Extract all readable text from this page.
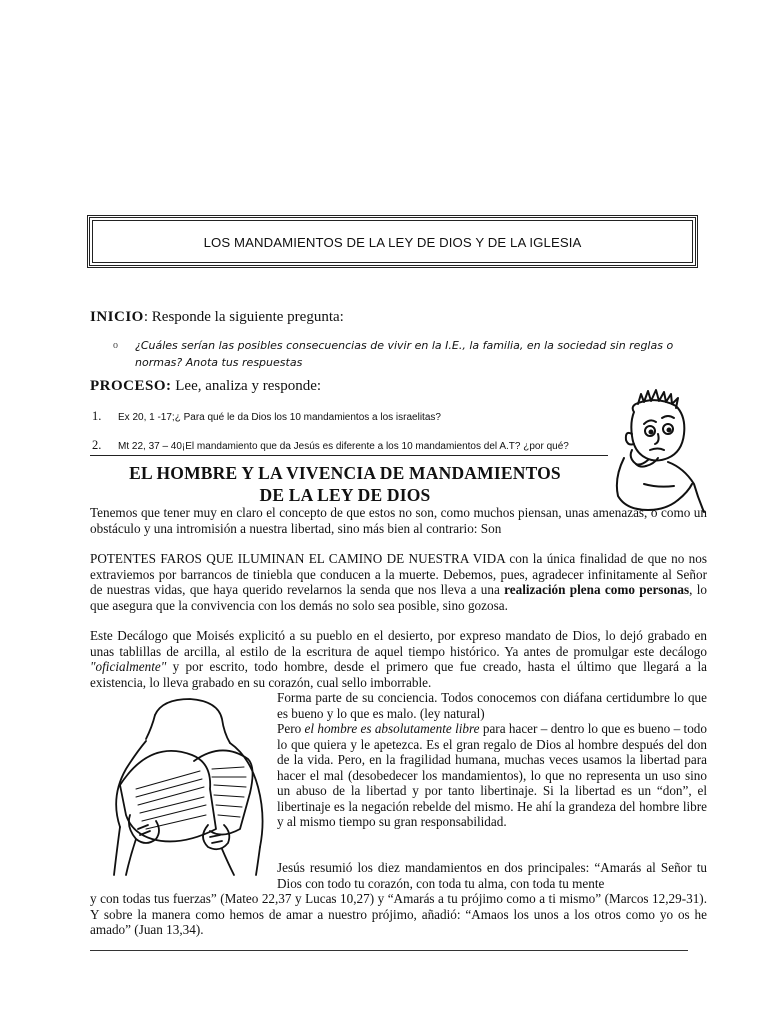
LOS MANDAMIENTOS DE LA LEY DE DIOS Y DE LA IGLESIA
INICIO: Responde la siguiente pregunta:
o ¿Cuáles serían las posibles consecuencias de vivir en la I.E., la familia, en la sociedad sin reglas o normas? Anota tus respuestas
PROCESO: Lee, analiza y responde:
1. Ex 20, 1 -17;¿ Para qué le da Dios los 10 mandamientos a los israelitas?
2. Mt 22, 37 – 40¡El mandamiento que da Jesús es diferente a los 10 mandamientos del A.T? ¿por qué?
EL HOMBRE Y LA VIVENCIA DE MANDAMIENTOS
DE LA LEY DE DIOS
Tenemos que tener muy en claro el concepto de que estos no son, como muchos piensan, unas amenazas, o como un obstáculo y una intromisión a nuestra libertad, sino más bien al contrario: Son
POTENTES FAROS QUE ILUMINAN EL CAMINO DE NUESTRA VIDA con la única finalidad de que no nos extraviemos por barrancos de tiniebla que conducen a la muerte. Debemos, pues, agradecer infinitamente al Señor de nuestras vidas, que haya querido revelarnos la senda que nos lleva a una realización plena como personas, lo que asegura que la convivencia con los demás no solo sea posible, sino gozosa.
Este Decálogo que Moisés explicitó a su pueblo en el desierto, por expreso mandato de Dios, lo dejó grabado en unas tablillas de arcilla, al estilo de la escritura de aquel tiempo histórico. Ya antes de promulgar este decálogo "oficialmente" y por escrito, todo hombre, desde el primero que fue creado, hasta el último que llegará a la existencia, lo lleva grabado en su corazón, cual sello imborrable.
Forma parte de su conciencia. Todos conocemos con diáfana certidumbre lo que es bueno y lo que es malo. (ley natural)
Pero el hombre es absolutamente libre para hacer – dentro lo que es bueno – todo lo que quiera y le apetezca. Es el gran regalo de Dios al hombre después del don de la vida. Pero, en la fragilidad humana, muchas veces usamos la libertad para hacer el mal (desobedecer los mandamientos), lo que no representa un uso sino un abuso de la libertad y por tanto libertinaje. Si la libertad es un “don”, el libertinaje es la negación rebelde del mismo. He ahí la grandeza del hombre libre y al mismo tiempo su gran responsabilidad.
Jesús resumió los diez mandamientos en dos principales: “Amarás al Señor tu Dios con todo tu corazón, con toda tu alma, con toda tu mente
y con todas tus fuerzas” (Mateo 22,37 y Lucas 10,27) y “Amarás a tu prójimo como a ti mismo” (Marcos 12,29-31). Y sobre la manera como hemos de amar a nuestro prójimo, añadió: “Amaos los unos a los otros como yo os he amado” (Juan 13,34).
